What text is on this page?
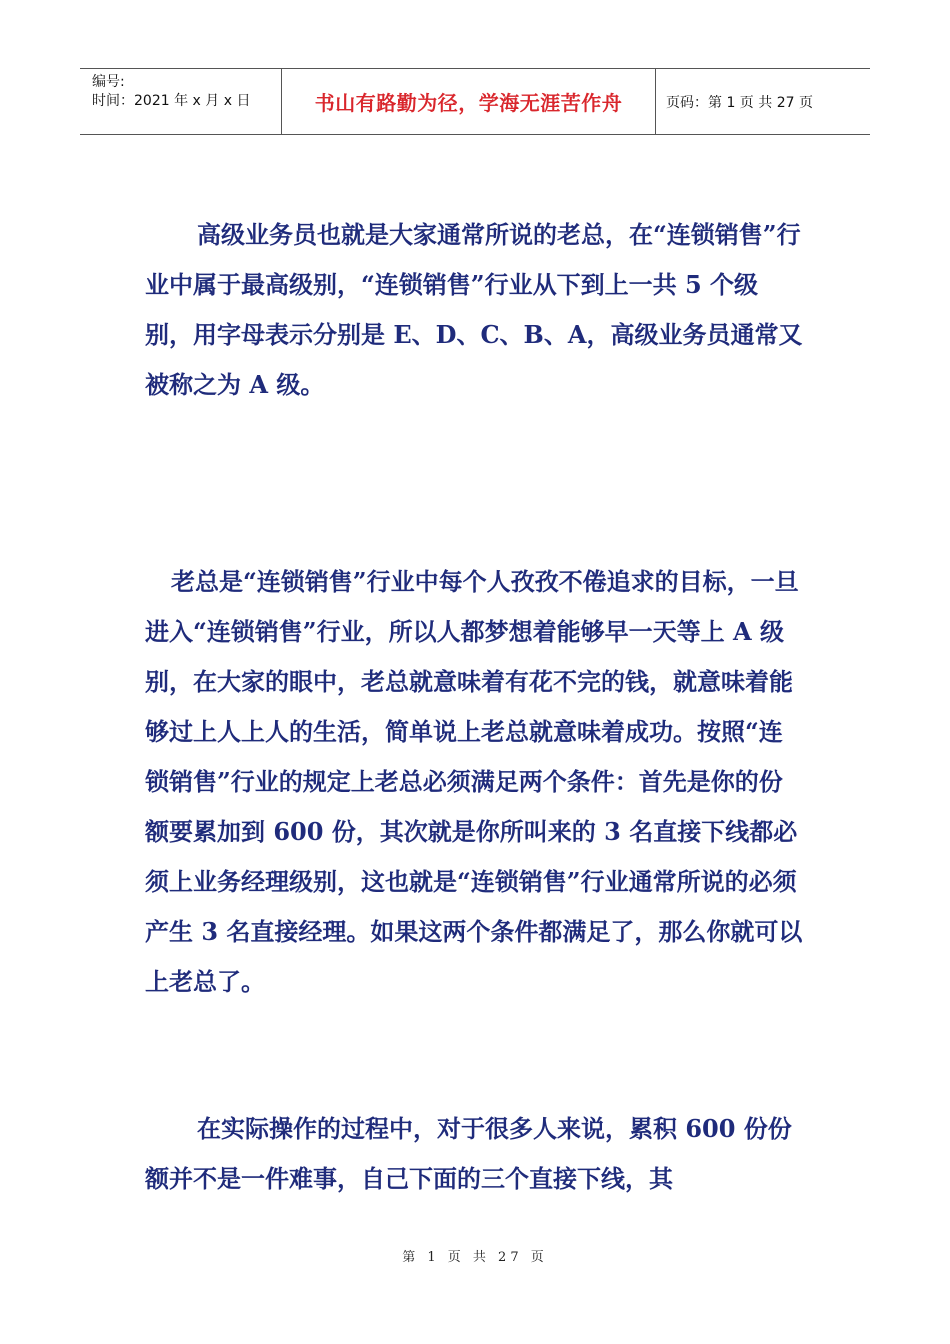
编号:
时间：2021 年 x 月 x 日	书山有路勤为径，学海无涯苦作舟	页码：第 1 页 共 27 页

高级业务员也就是大家通常所说的老总，在“连锁销售”行业中属于最高级别，“连锁销售”行业从下到上一共 5 个级别，用字母表示分别是 E、D、C、B、A，高级业务员通常又被称之为 A 级。

老总是“连锁销售”行业中每个人孜孜不倦追求的目标，一旦进入“连锁销售”行业，所以人都梦想着能够早一天等上 A 级别，在大家的眼中，老总就意味着有花不完的钱，就意味着能够过上人上人的生活，简单说上老总就意味着成功。按照“连锁销售”行业的规定上老总必须满足两个条件：首先是你的份额要累加到 600 份，其次就是你所叫来的 3 名直接下线都必须上业务经理级别，这也就是“连锁销售”行业通常所说的必须产生 3 名直接经理。如果这两个条件都满足了，那么你就可以上老总了。

在实际操作的过程中，对于很多人来说，累积 600 份份额并不是一件难事，自己下面的三个直接下线，其

第 1 页 共 27 页
